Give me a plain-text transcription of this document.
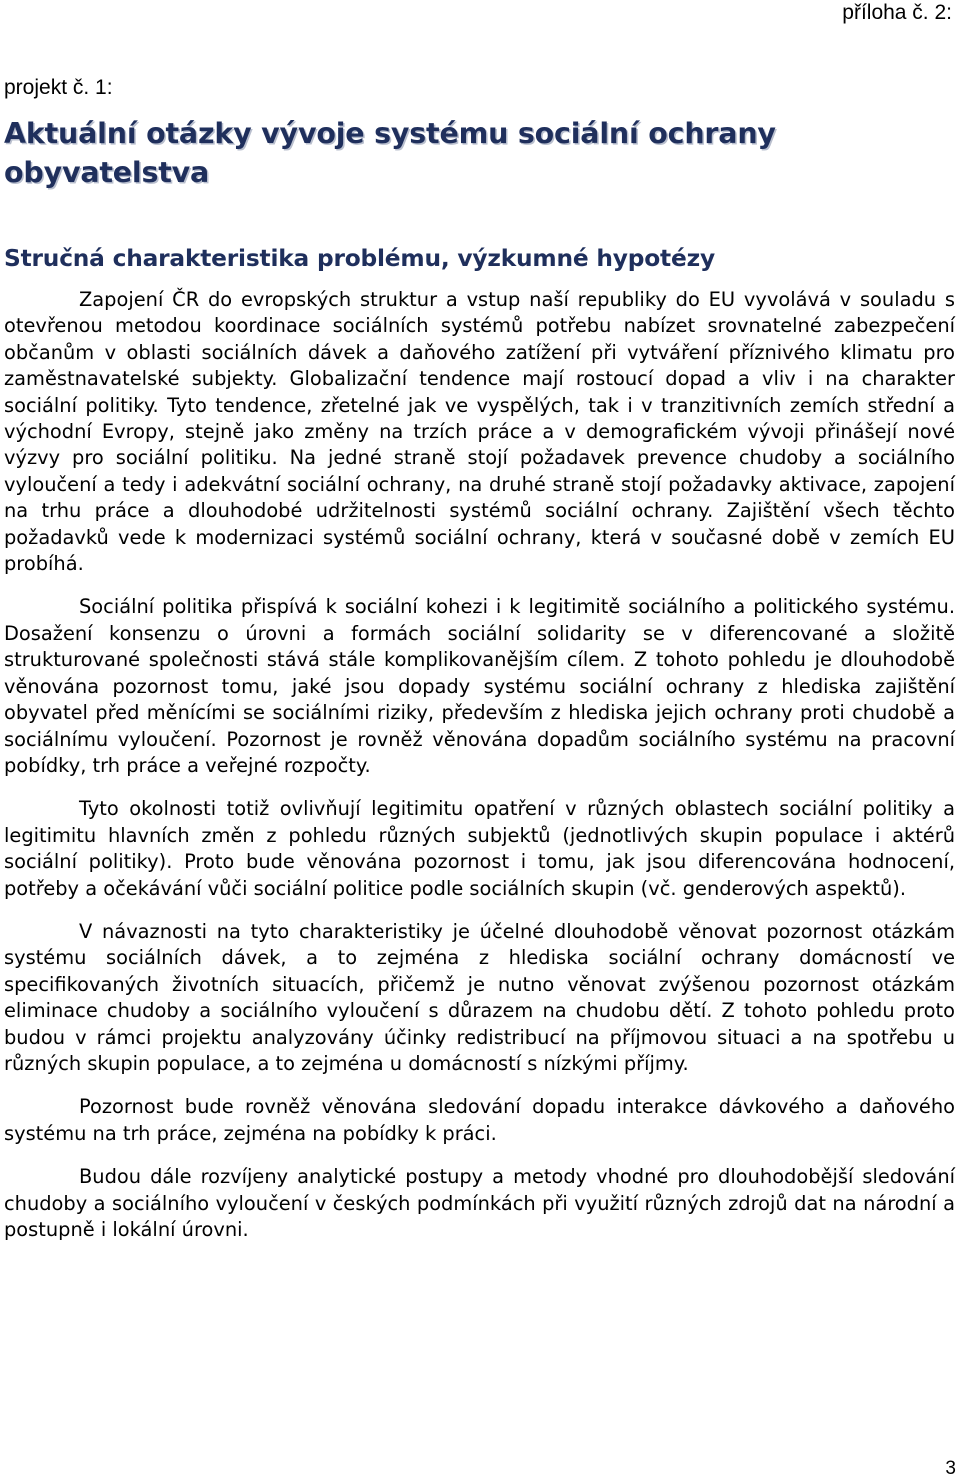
příloha č. 2:
projekt č. 1:
Aktuální otázky vývoje systému sociální ochrany obyvatelstva
Stručná charakteristika problému, výzkumné hypotézy

Zapojení ČR do evropských struktur a vstup naší republiky do EU vyvolává v souladu s otevřenou metodou koordinace sociálních systémů potřebu nabízet srovnatelné zabezpečení občanům v oblasti sociálních dávek a daňového zatížení při vytváření příznivého klimatu pro zaměstnavatelské subjekty. Globalizační tendence mají rostoucí dopad a vliv i na charakter sociální politiky. Tyto tendence, zřetelné jak ve vyspělých, tak i v tranzitivních zemích střední a východní Evropy, stejně jako změny na trzích práce a v demografickém vývoji přinášejí nové výzvy pro sociální politiku. Na jedné straně stojí požadavek prevence chudoby a sociálního vyloučení a tedy i adekvátní sociální ochrany, na druhé straně stojí požadavky aktivace, zapojení na trhu práce a dlouhodobé udržitelnosti systémů sociální ochrany. Zajištění všech těchto požadavků vede k modernizaci systémů sociální ochrany, která v současné době v zemích EU probíhá.

Sociální politika přispívá k sociální kohezi i k legitimitě sociálního a politického systému. Dosažení konsenzu o úrovni a formách sociální solidarity se v diferencované a složitě strukturované společnosti stává stále komplikovanějším cílem. Z tohoto pohledu je dlouhodobě věnována pozornost tomu, jaké jsou dopady systému sociální ochrany z hlediska zajištění obyvatel před měnícími se sociálními riziky, především z hlediska jejich ochrany proti chudobě a sociálnímu vyloučení. Pozornost je rovněž věnována dopadům sociálního systému na pracovní pobídky, trh práce a veřejné rozpočty.

Tyto okolnosti totiž ovlivňují legitimitu opatření v různých oblastech sociální politiky a legitimitu hlavních změn z pohledu různých subjektů (jednotlivých skupin populace i aktérů sociální politiky). Proto bude věnována pozornost i tomu, jak jsou diferencována hodnocení, potřeby a očekávání vůči sociální politice podle sociálních skupin (vč. genderových aspektů).

V návaznosti na tyto charakteristiky je účelné dlouhodobě věnovat pozornost otázkám systému sociálních dávek, a to zejména z hlediska sociální ochrany domácností ve specifikovaných životních situacích, přičemž je nutno věnovat zvýšenou pozornost otázkám eliminace chudoby a sociálního vyloučení s důrazem na chudobu dětí. Z tohoto pohledu proto budou v rámci projektu analyzovány účinky redistribucí na příjmovou situaci a na spotřebu u různých skupin populace, a to zejména u domácností s nízkými příjmy.

Pozornost bude rovněž věnována sledování dopadu interakce dávkového a daňového systému na trh práce, zejména na pobídky k práci.

Budou dále rozvíjeny analytické postupy a metody vhodné pro dlouhodobější sledování chudoby a sociálního vyloučení v českých podmínkách při využití různých zdrojů dat na národní a postupně i lokální úrovni.

3
